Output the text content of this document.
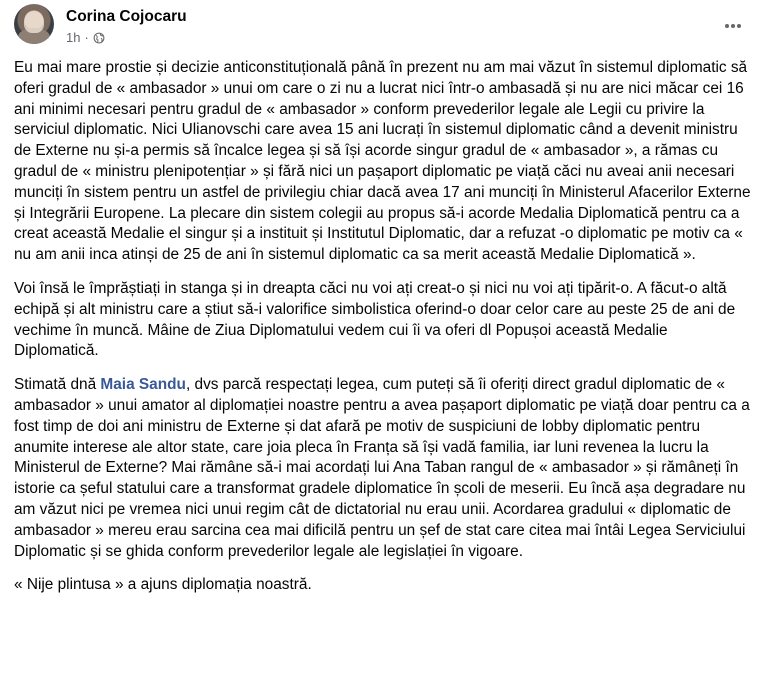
Corina Cojocaru
1h ·

Eu mai mare prostie și decizie anticonstituțională până în prezent nu am mai văzut în sistemul diplomatic să oferi gradul de « ambasador » unui om care o zi nu a lucrat nici într-o ambasadă și nu are nici măcar cei 16 ani minimi necesari pentru gradul de « ambasador » conform prevederilor legale ale Legii cu privire la serviciul diplomatic. Nici Ulianovschi care avea 15 ani lucrați în sistemul diplomatic când a devenit ministru de Externe nu și-a permis să încalce legea și să își acorde singur gradul de « ambasador », a rămas cu gradul de « ministru plenipotențiar » și fără nici un pașaport diplomatic pe viață căci nu aveai anii necesari munciți în sistem pentru un astfel de privilegiu chiar dacă avea 17 ani munciți în Ministerul Afacerilor Externe și Integrării Europene. La plecare din sistem colegii au propus să-i acorde Medalia Diplomatică pentru ca a creat această Medalie el singur și a instituit și Institutul Diplomatic, dar a refuzat -o diplomatic pe motiv ca « nu am anii inca atinși de 25 de ani în sistemul diplomatic ca sa merit această Medalie Diplomatică ».

Voi însă le împrăștiați in stanga și in dreapta căci nu voi ați creat-o și nici nu voi ați tipărit-o. A făcut-o altă echipă și alt ministru care a știut să-i valorifice simbolistica oferind-o doar celor care au peste 25 de ani de vechime în muncă. Mâine de Ziua Diplomatului vedem cui îi va oferi dl Popușoi această Medalie Diplomatică.

Stimată dnă Maia Sandu, dvs parcă respectați legea, cum puteți să îi oferiți direct gradul diplomatic de « ambasador » unui amator al diplomației noastre pentru a avea pașaport diplomatic pe viață doar pentru ca a fost timp de doi ani ministru de Externe și dat afară pe motiv de suspiciuni de lobby diplomatic pentru anumite interese ale altor state, care joia pleca în Franța să își vadă familia, iar luni revenea la lucru la Ministerul de Externe? Mai rămâne să-i mai acordați lui Ana Taban rangul de « ambasador » și rămâneți în istorie ca șeful statului care a transformat gradele diplomatice în școli de meserii. Eu încă așa degradare nu am văzut nici pe vremea nici unui regim cât de dictatorial nu erau unii. Acordarea gradului « diplomatic de ambasador » mereu erau sarcina cea mai dificilă pentru un șef de stat care citea mai întâi Legea Serviciului Diplomatic și se ghida conform prevederilor legale ale legislației în vigoare.

« Nije plintusa » a ajuns diplomația noastră.
